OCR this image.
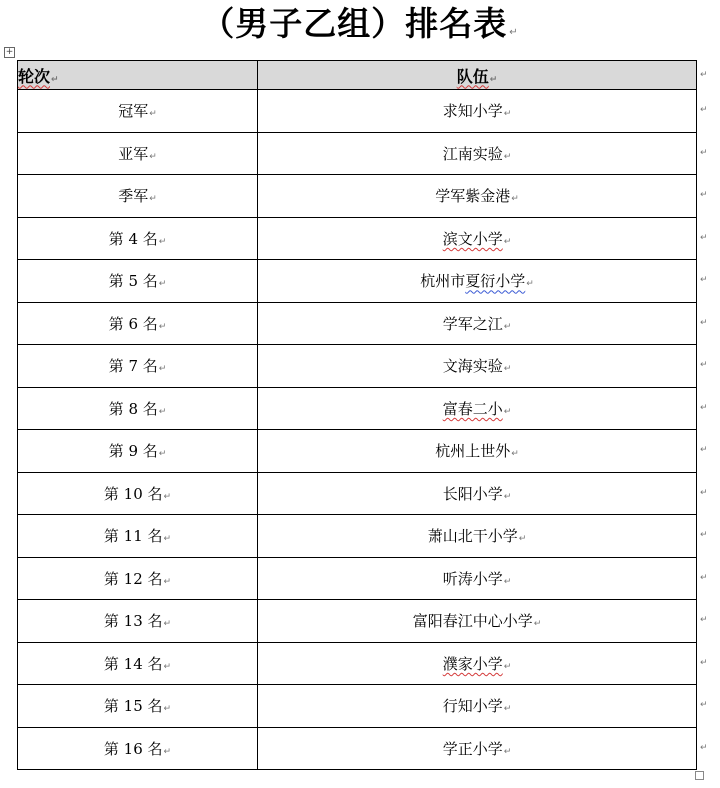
（男子乙组）排名表 ↵
+
轮次↵	队伍↵
冠军↵	求知小学↵
亚军↵	江南实验↵
季军↵	学军紫金港↵
第 4 名↵	滨文小学↵
第 5 名↵	杭州市夏衍小学↵
第 6 名↵	学军之江↵
第 7 名↵	文海实验↵
第 8 名↵	富春二小↵
第 9 名↵	杭州上世外↵
第 10 名↵	长阳小学↵
第 11 名↵	萧山北干小学↵
第 12 名↵	听涛小学↵
第 13 名↵	富阳春江中心小学↵
第 14 名↵	濮家小学↵
第 15 名↵	行知小学↵
第 16 名↵	学正小学↵
↵
↵
↵
↵
↵
↵
↵
↵
↵
↵
↵
↵
↵
↵
↵
↵
↵
